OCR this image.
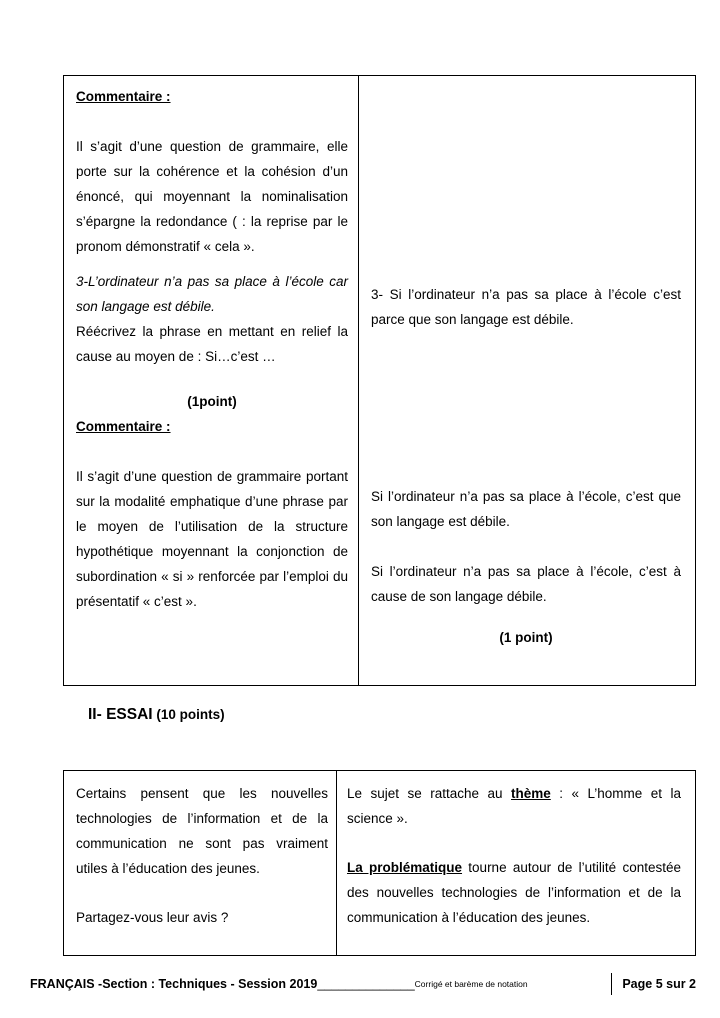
Commentaire :

Il s’agit d’une question de grammaire, elle porte sur la cohérence et la cohésion d’un énoncé, qui moyennant la nominalisation s’épargne la redondance ( : la reprise par le pronom démonstratif « cela ».

3-L’ordinateur n’a pas sa place à l’école car son langage est débile.

Réécrivez la phrase en mettant en relief la cause au moyen de : Si…c’est …

(1point)

Commentaire :

Il s’agit d’une question de grammaire portant sur la modalité emphatique d’une phrase par le moyen de l’utilisation de la structure hypothétique moyennant la conjonction de subordination « si » renforcée par l’emploi du présentatif « c’est ».

3- Si l’ordinateur n’a pas sa place à l’école c’est parce que son langage est débile.

Si l’ordinateur n’a pas sa place à l’école, c’est que son langage est débile.

Si l’ordinateur n’a pas sa place à l’école, c’est à cause de son langage débile.

(1 point)

II- ESSAI (10 points)

Certains pensent que les nouvelles technologies de l’information et de la communication ne sont pas vraiment utiles à l’éducation des jeunes.

Partagez-vous leur avis ?

Le sujet se rattache au thème : « L’homme et la science ».

La problématique tourne autour de l’utilité contestée des nouvelles technologies de l’information et de la communication à l’éducation des jeunes.

FRANÇAIS -Section : Techniques - Session 2019 ______________ Corrigé et barème de notation	Page 5 sur 2
